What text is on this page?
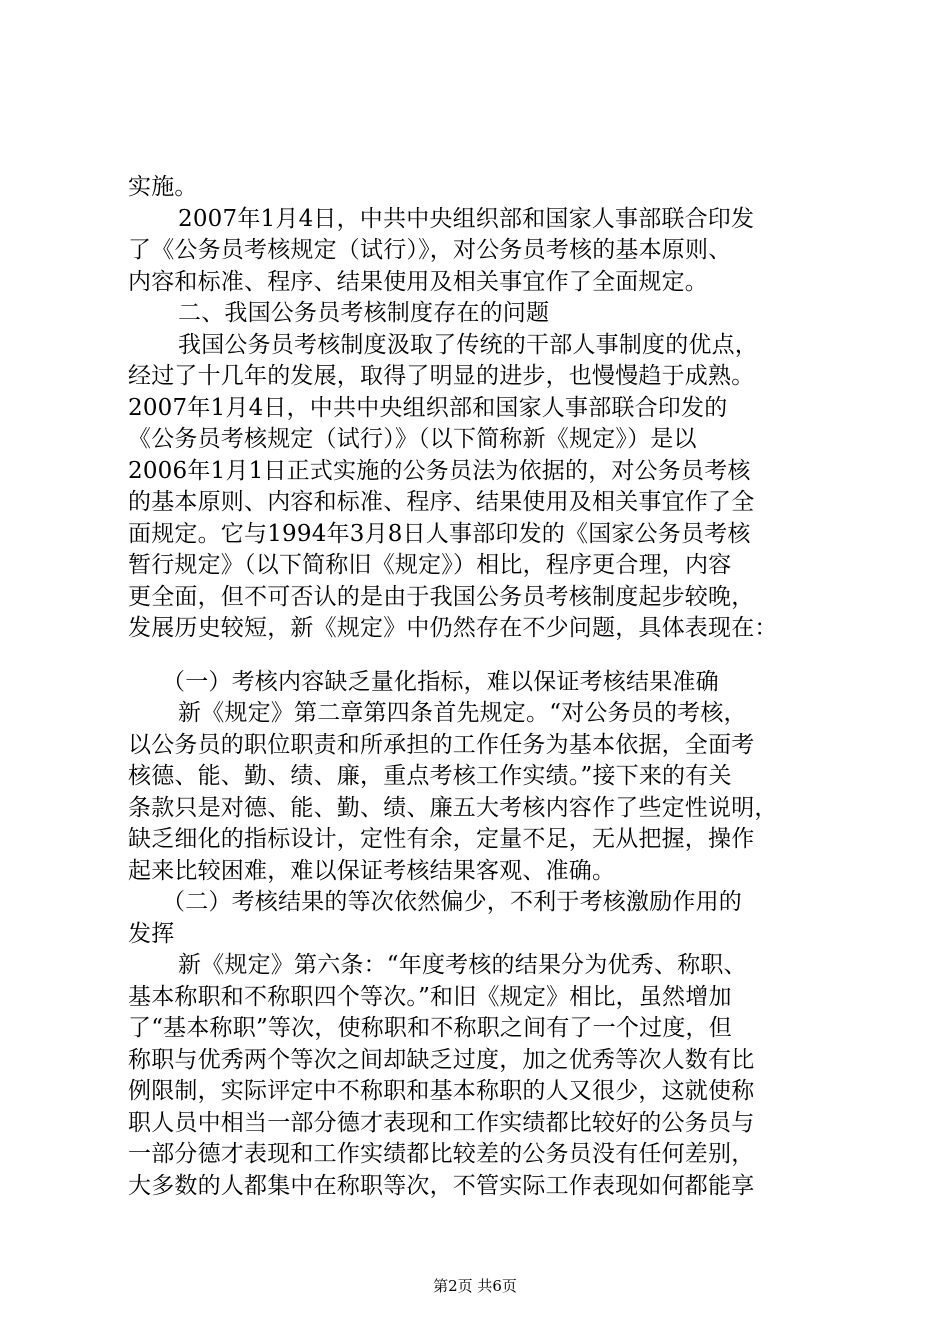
实施。
2007年1月4日，中共中央组织部和国家人事部联合印发
了《公务员考核规定（试行）》，对公务员考核的基本原则、
内容和标准、程序、结果使用及相关事宜作了全面规定。
二、我国公务员考核制度存在的问题
我国公务员考核制度汲取了传统的干部人事制度的优点，
经过了十几年的发展，取得了明显的进步，也慢慢趋于成熟。
2007年1月4日，中共中央组织部和国家人事部联合印发的
《公务员考核规定（试行）》（以下简称新《规定》）是以
2006年1月1日正式实施的公务员法为依据的，对公务员考核
的基本原则、内容和标准、程序、结果使用及相关事宜作了全
面规定。它与1994年3月8日人事部印发的《国家公务员考核
暂行规定》（以下简称旧《规定》）相比，程序更合理，内容
更全面，但不可否认的是由于我国公务员考核制度起步较晚，
发展历史较短，新《规定》中仍然存在不少问题，具体表现在：
（一）考核内容缺乏量化指标，难以保证考核结果准确
新《规定》第二章第四条首先规定。“对公务员的考核，
以公务员的职位职责和所承担的工作任务为基本依据，全面考
核德、能、勤、绩、廉，重点考核工作实绩。”接下来的有关
条款只是对德、能、勤、绩、廉五大考核内容作了些定性说明，
缺乏细化的指标设计，定性有余，定量不足，无从把握，操作
起来比较困难，难以保证考核结果客观、准确。
（二）考核结果的等次依然偏少，不利于考核激励作用的
发挥
新《规定》第六条：“年度考核的结果分为优秀、称职、
基本称职和不称职四个等次。”和旧《规定》相比，虽然增加
了“基本称职”等次，使称职和不称职之间有了一个过度，但
称职与优秀两个等次之间却缺乏过度，加之优秀等次人数有比
例限制，实际评定中不称职和基本称职的人又很少，这就使称
职人员中相当一部分德才表现和工作实绩都比较好的公务员与
一部分德才表现和工作实绩都比较差的公务员没有任何差别，
大多数的人都集中在称职等次，不管实际工作表现如何都能享
第2页 共6页
